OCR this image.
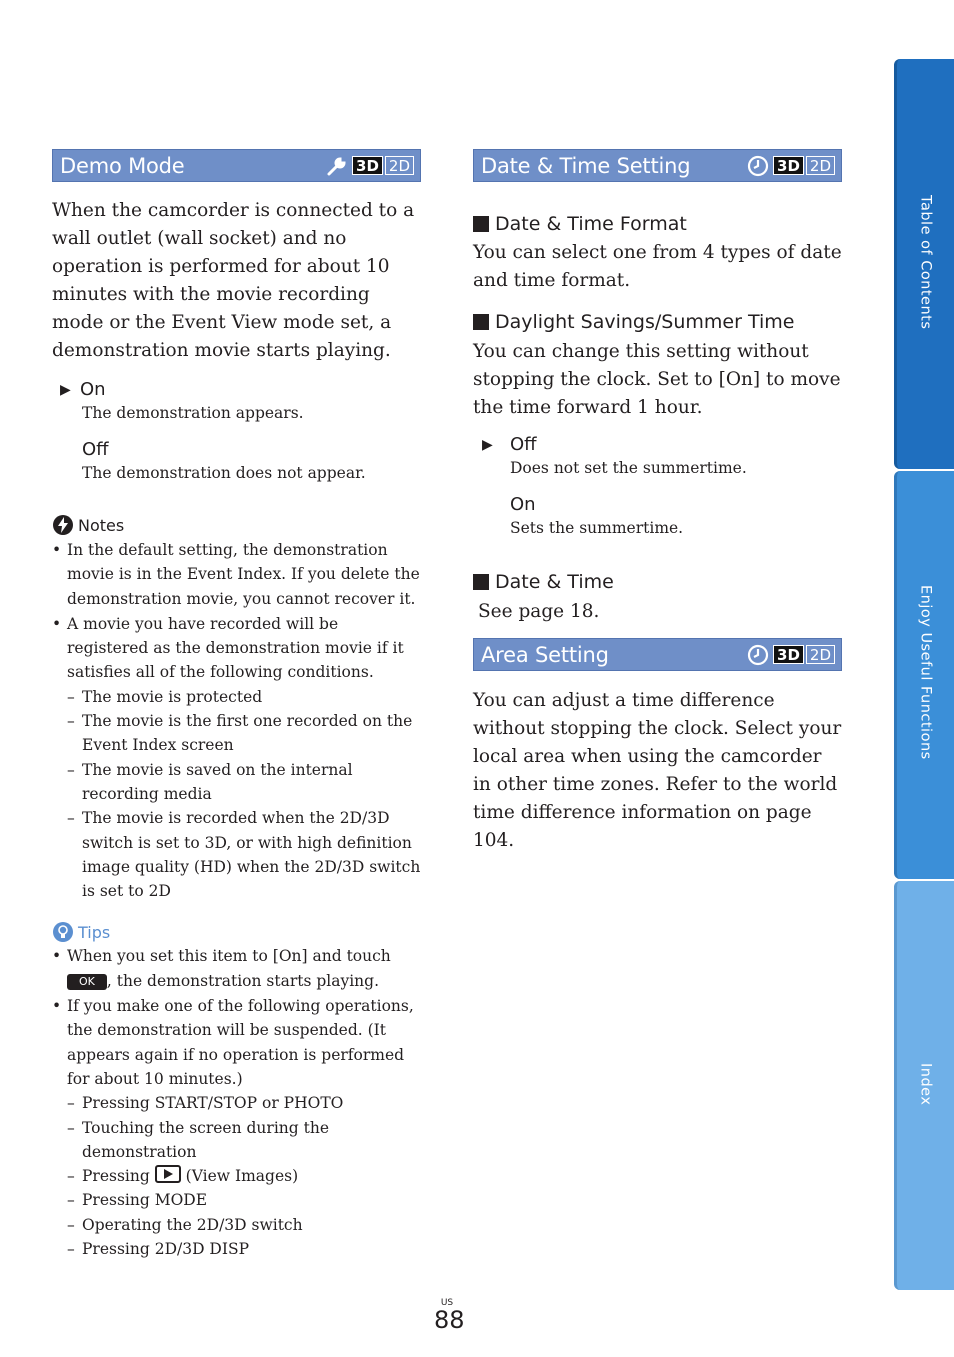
Demo Mode	3D 2D

When the camcorder is connected to a wall outlet (wall socket) and no operation is performed for about 10 minutes with the movie recording mode or the Event View mode set, a demonstration movie starts playing.

▶ On
The demonstration appears.
Off
The demonstration does not appear.
Notes
• In the default setting, the demonstration movie is in the Event Index. If you delete the demonstration movie, you cannot recover it.
• A movie you have recorded will be registered as the demonstration movie if it satisfies all of the following conditions.
– The movie is protected
– The movie is the first one recorded on the Event Index screen
– The movie is saved on the internal recording media
– The movie is recorded when the 2D/3D switch is set to 3D, or with high definition image quality (HD) when the 2D/3D switch is set to 2D
Tips
• When you set this item to [On] and touch
OK , the demonstration starts playing.
• If you make one of the following operations, the demonstration will be suspended. (It appears again if no operation is performed for about 10 minutes.)
– Pressing START/STOP or PHOTO
– Touching the screen during the demonstration
– Pressing (View Images)
– Pressing MODE
– Operating the 2D/3D switch
– Pressing 2D/3D DISP
Date & Time Setting	3D 2D
Date & Time Format

You can select one from 4 types of date and time format.

Daylight Savings/Summer Time

You can change this setting without stopping the clock. Set to [On] to move the time forward 1 hour.

▶ Off
Does not set the summertime.
On
Sets the summertime.
Date & Time

See page 18.

Area Setting	3D 2D

You can adjust a time difference without stopping the clock. Select your local area when using the camcorder in other time zones. Refer to the world time difference information on page 104.

Table of Contents
Enjoy Useful Functions
Index
US
88
